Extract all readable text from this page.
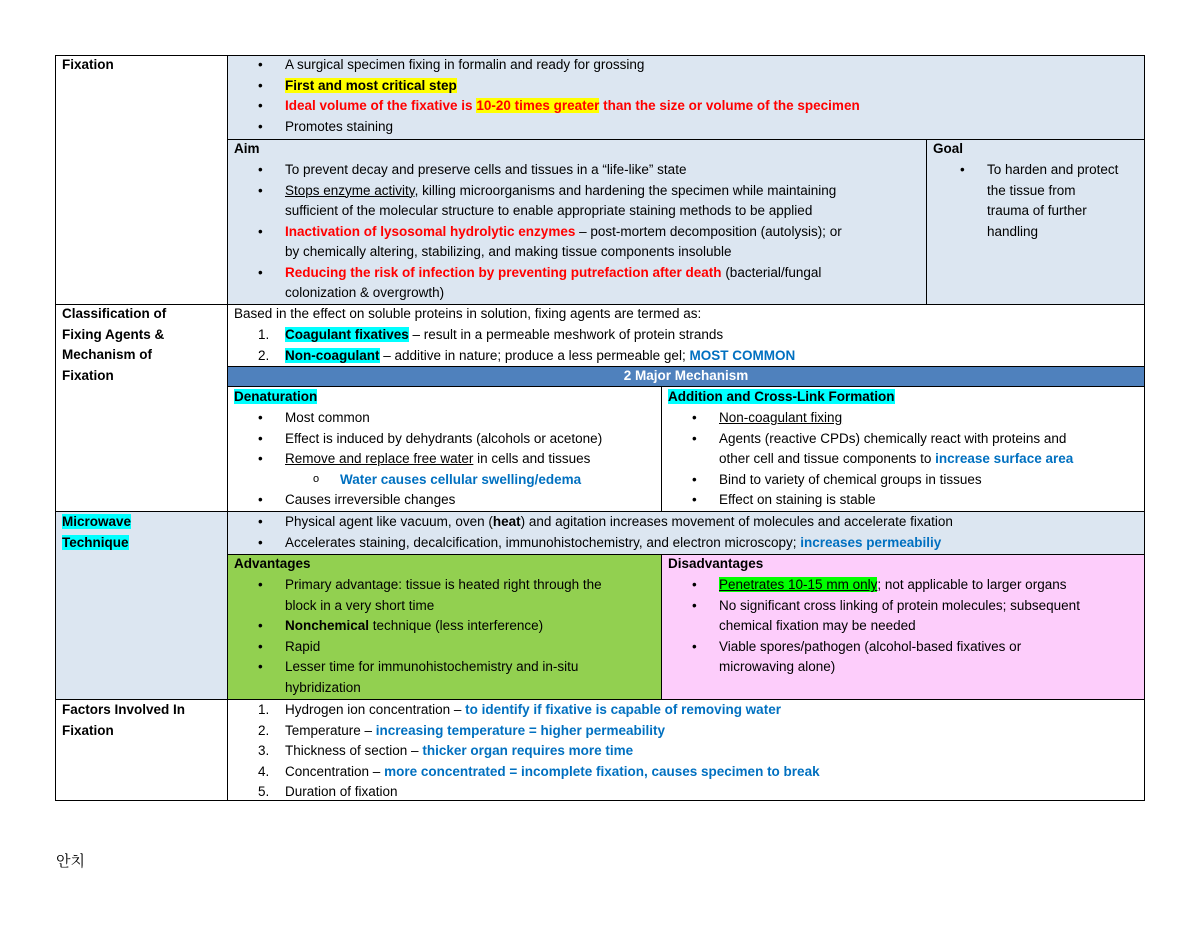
Fixation	• A surgical specimen fixing in formalin and ready for grossing
• First and most critical step
• Ideal volume of the fixative is 10-20 times greater than the size or volume of the specimen
• Promotes staining
Aim
• To prevent decay and preserve cells and tissues in a “life-like” state
• Stops enzyme activity, killing microorganisms and hardening the specimen while maintaining
sufficient of the molecular structure to enable appropriate staining methods to be applied
• Inactivation of lysosomal hydrolytic enzymes – post-mortem decomposition (autolysis); or
by chemically altering, stabilizing, and making tissue components insoluble
• Reducing the risk of infection by preventing putrefaction after death (bacterial/fungal
colonization & overgrowth)
Goal
• To harden and protect
the tissue from
trauma of further
handling
Classification of
Fixing Agents &
Mechanism of
Fixation
Based in the effect on soluble proteins in solution, fixing agents are termed as:
1. Coagulant fixatives – result in a permeable meshwork of protein strands
2. Non-coagulant – additive in nature; produce a less permeable gel; MOST COMMON
2 Major Mechanism
Denaturation
• Most common
• Effect is induced by dehydrants (alcohols or acetone)
• Remove and replace free water in cells and tissues
o Water causes cellular swelling/edema
• Causes irreversible changes
Addition and Cross-Link Formation
• Non-coagulant fixing
• Agents (reactive CPDs) chemically react with proteins and
other cell and tissue components to increase surface area
• Bind to variety of chemical groups in tissues
• Effect on staining is stable
Microwave
Technique
• Physical agent like vacuum, oven (heat) and agitation increases movement of molecules and accelerate fixation
• Accelerates staining, decalcification, immunohistochemistry, and electron microscopy; increases permeabiliy
Advantages
• Primary advantage: tissue is heated right through the
block in a very short time
• Nonchemical technique (less interference)
• Rapid
• Lesser time for immunohistochemistry and in-situ
hybridization
Disadvantages
• Penetrates 10-15 mm only; not applicable to larger organs
• No significant cross linking of protein molecules; subsequent
chemical fixation may be needed
• Viable spores/pathogen (alcohol-based fixatives or
microwaving alone)
Factors Involved In
Fixation
1. Hydrogen ion concentration – to identify if fixative is capable of removing water
2. Temperature – increasing temperature = higher permeability
3. Thickness of section – thicker organ requires more time
4. Concentration – more concentrated = incomplete fixation, causes specimen to break
5. Duration of fixation
안치
